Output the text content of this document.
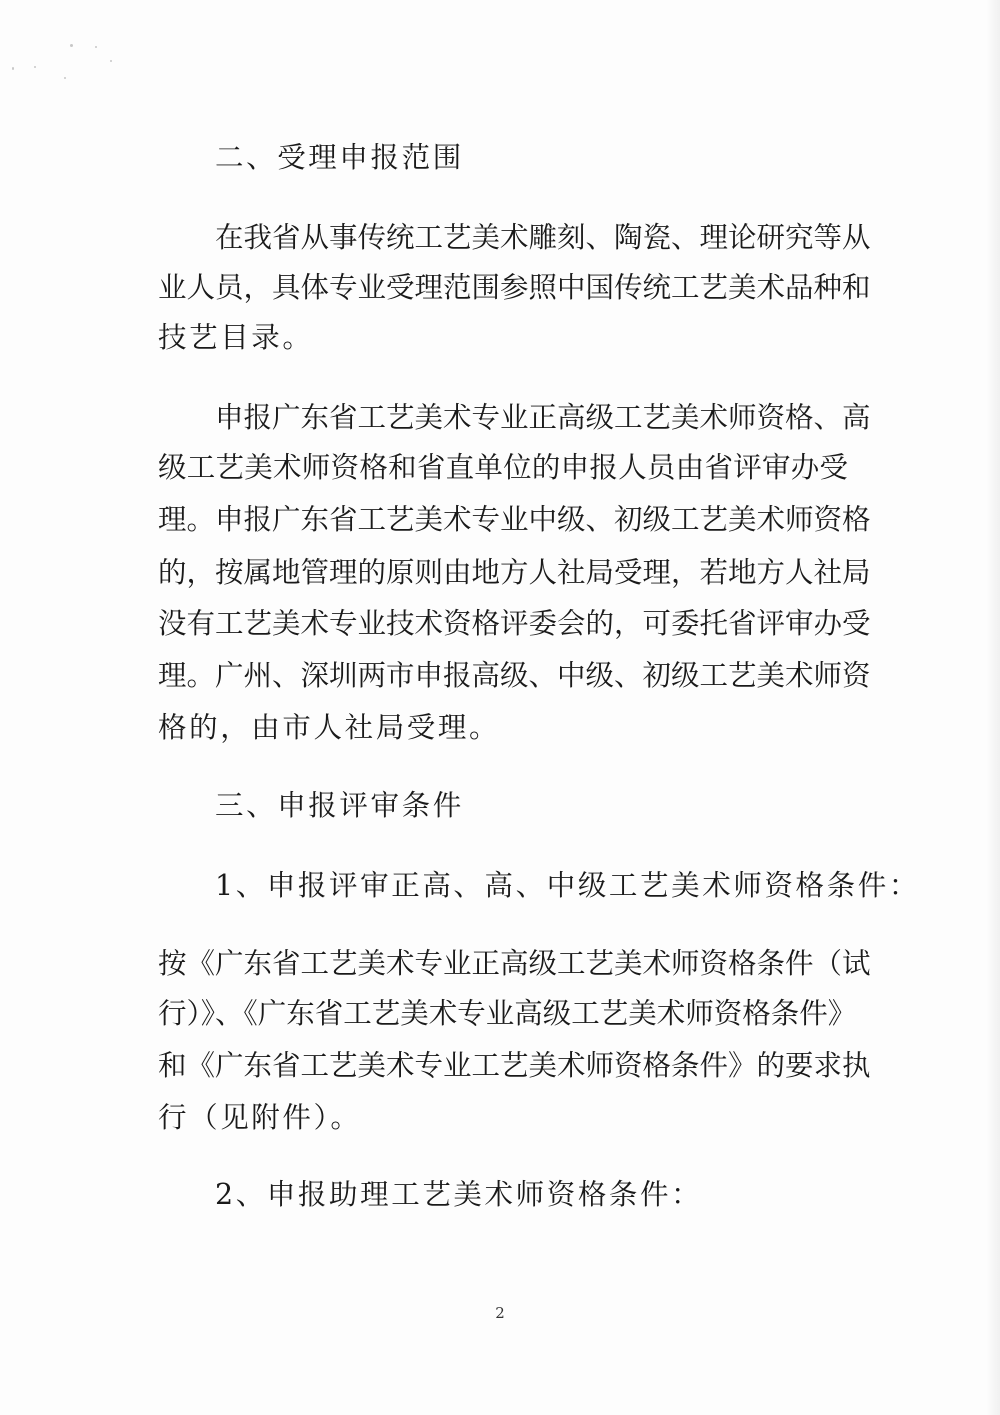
二、受理申报范围
在我省从事传统工艺美术雕刻、陶瓷、理论研究等从
业人员，具体专业受理范围参照中国传统工艺美术品种和
技艺目录。
申报广东省工艺美术专业正高级工艺美术师资格、高
级工艺美术师资格和省直单位的申报人员由省评审办受
理。申报广东省工艺美术专业中级、初级工艺美术师资格
的，按属地管理的原则由地方人社局受理，若地方人社局
没有工艺美术专业技术资格评委会的，可委托省评审办受
理。广州、深圳两市申报高级、中级、初级工艺美术师资
格的，由市人社局受理。
三、申报评审条件
1、申报评审正高、高、中级工艺美术师资格条件：
按《广东省工艺美术专业正高级工艺美术师资格条件（试
行）》、《广东省工艺美术专业高级工艺美术师资格条件》
和《广东省工艺美术专业工艺美术师资格条件》的要求执
行（见附件）。
2、申报助理工艺美术师资格条件：
2
